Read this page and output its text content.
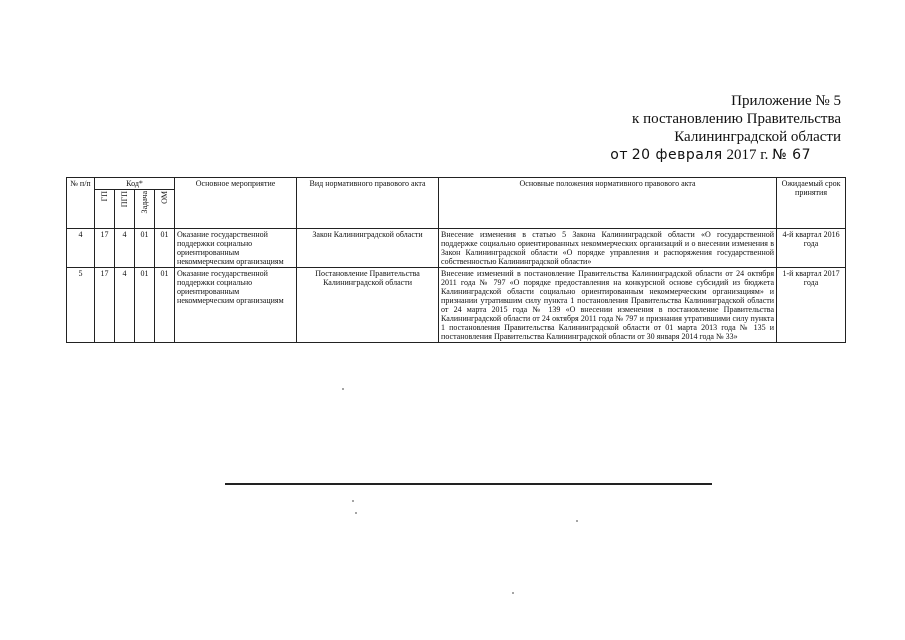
Приложение № 5
к постановлению Правительства
Калининградской области
от 20 февраля 2017 г. № 67
№ п/п	Код*				Основное мероприятие	Вид нормативного правового акта	Основные положения нормативного правового акта	Ожидаемый срок принятия

	ГП	ПГП	Задача	ОМ				

4	17	4	01	01	Оказание государственной поддержки социально ориентированным некоммерческим организациям	Закон Калининградской области	Внесение изменения в статью 5 Закона Калининградской области «О государственной поддержке социально ориентированных некоммерческих организаций и о внесении изменения в Закон Калининградской области «О порядке управления и распоряжения государственной собственностью Калининградской области»	4-й квартал 2016 года
5	17	4	01	01	Оказание государственной поддержки социально ориентированным некоммерческим организациям	Постановление Правительства Калининградской области	Внесение изменений в постановление Правительства Калининградской области от 24 октября 2011 года № 797 «О порядке предоставления на конкурсной основе субсидий из бюджета Калининградской области социально ориентированным некоммерческим организациям» и признании утратившим силу пункта 1 постановления Правительства Калининградской области от 24 марта 2015 года № 139 «О внесении изменения в постановление Правительства Калининградской области от 24 октября 2011 года № 797 и признания утратившими силу пункта 1 постановления Правительства Калининградской области от 01 марта 2013 года № 135 и постановления Правительства Калининградской области от 30 января 2014 года № 33»	1-й квартал 2017 года
